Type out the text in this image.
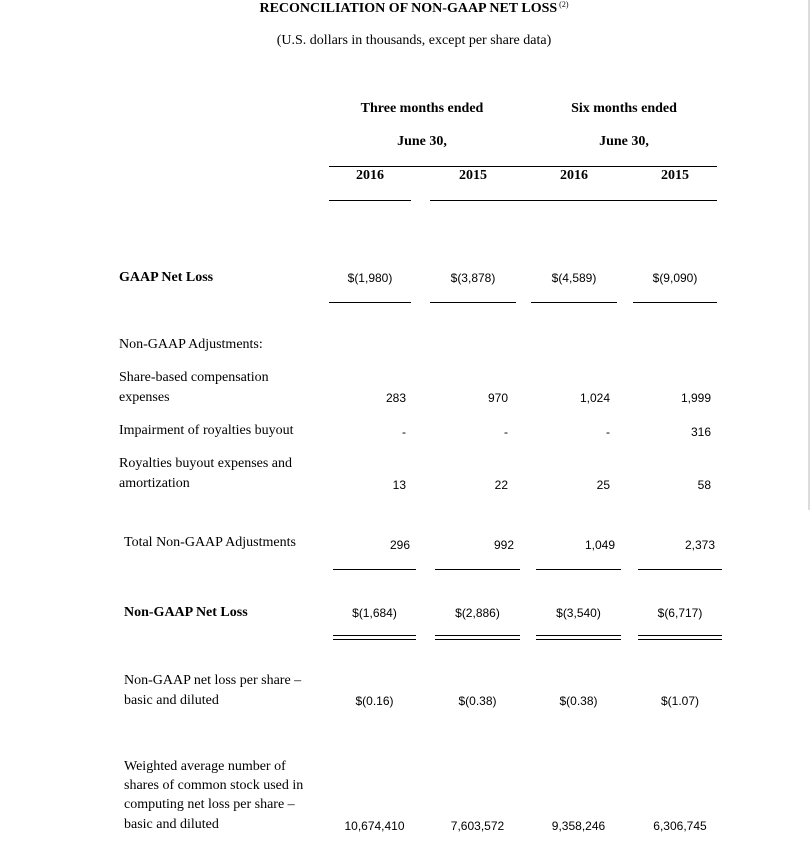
RECONCILIATION OF NON-GAAP NET LOSS $^{(2)}$
(U.S. dollars in thousands, except per share data)
Three months ended
June 30,
Six months ended
June 30,
2016	2015	2016	2015
GAAP Net Loss	$(1,980)	$(3,878)	$(4,589)	$(9,090)
Non-GAAP Adjustments:
Share-based compensation
expenses	283	970	1,024	1,999
Impairment of royalties buyout	-	-	-	316
Royalties buyout expenses and
amortization	13	22	25	58
Total Non-GAAP Adjustments	296	992	1,049	2,373
Non-GAAP Net Loss	$(1,684)	$(2,886)	$(3,540)	$(6,717)
Non-GAAP net loss per share –
basic and diluted	$(0.16)	$(0.38)	$(0.38)	$(1.07)
Weighted average number of
shares of common stock used in
computing net loss per share –
basic and diluted	10,674,410	7,603,572	9,358,246	6,306,745
